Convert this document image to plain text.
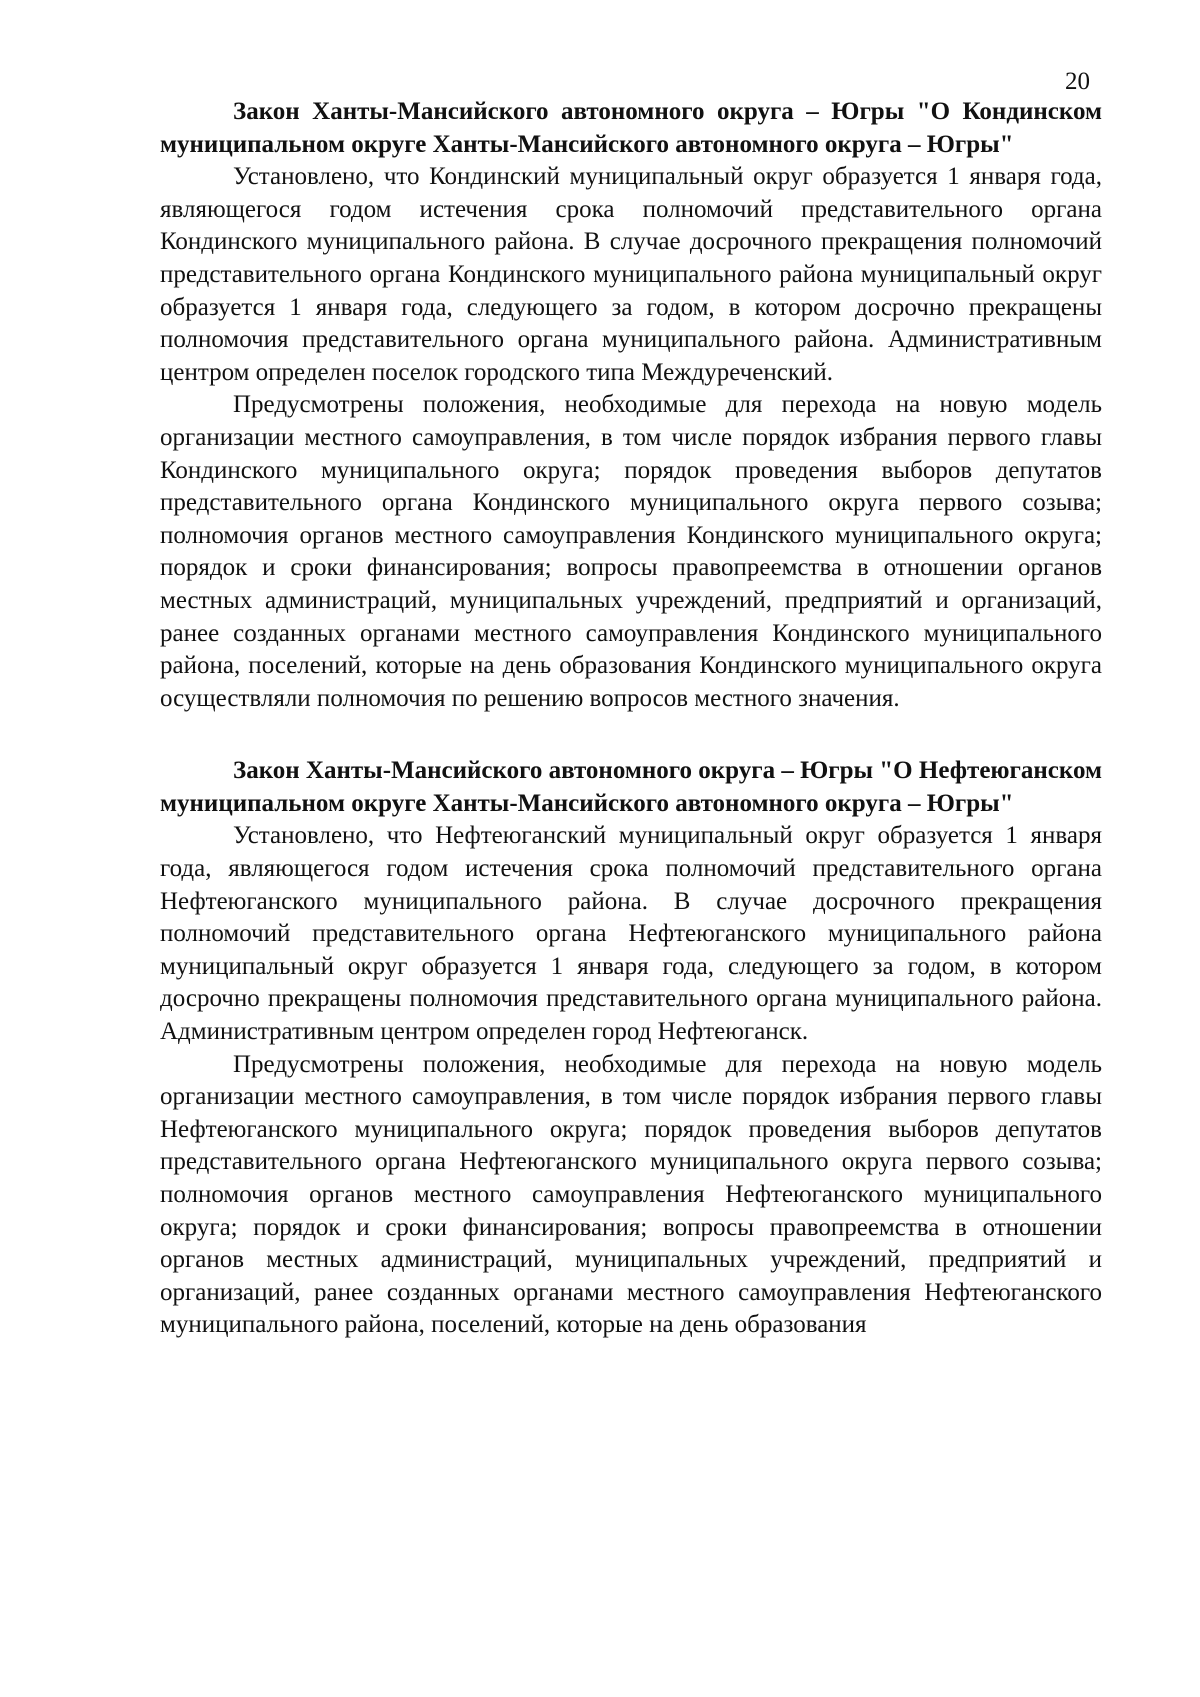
20

Закон Ханты-Мансийского автономного округа – Югры "О Кондинском муниципальном округе Ханты-Мансийского автономного округа – Югры"

Установлено, что Кондинский муниципальный округ образуется 1 января года, являющегося годом истечения срока полномочий представительного органа Кондинского муниципального района. В случае досрочного прекращения полномочий представительного органа Кондинского муниципального района муниципальный округ образуется 1 января года, следующего за годом, в котором досрочно прекращены полномочия представительного органа муниципального района. Административным центром определен поселок городского типа Междуреченский.

Предусмотрены положения, необходимые для перехода на новую модель организации местного самоуправления, в том числе порядок избрания первого главы Кондинского муниципального округа; порядок проведения выборов депутатов представительного органа Кондинского муниципального округа первого созыва; полномочия органов местного самоуправления Кондинского муниципального округа; порядок и сроки финансирования; вопросы правопреемства в отношении органов местных администраций, муниципальных учреждений, предприятий и организаций, ранее созданных органами местного самоуправления Кондинского муниципального района, поселений, которые на день образования Кондинского муниципального округа осуществляли полномочия по решению вопросов местного значения.

Закон Ханты-Мансийского автономного округа – Югры "О Нефтеюганском муниципальном округе Ханты-Мансийского автономного округа – Югры"

Установлено, что Нефтеюганский муниципальный округ образуется 1 января года, являющегося годом истечения срока полномочий представительного органа Нефтеюганского муниципального района. В случае досрочного прекращения полномочий представительного органа Нефтеюганского муниципального района муниципальный округ образуется 1 января года, следующего за годом, в котором досрочно прекращены полномочия представительного органа муниципального района. Административным центром определен город Нефтеюганск.

Предусмотрены положения, необходимые для перехода на новую модель организации местного самоуправления, в том числе порядок избрания первого главы Нефтеюганского муниципального округа; порядок проведения выборов депутатов представительного органа Нефтеюганского муниципального округа первого созыва; полномочия органов местного самоуправления Нефтеюганского муниципального округа; порядок и сроки финансирования; вопросы правопреемства в отношении органов местных администраций, муниципальных учреждений, предприятий и организаций, ранее созданных органами местного самоуправления Нефтеюганского муниципального района, поселений, которые на день образования
